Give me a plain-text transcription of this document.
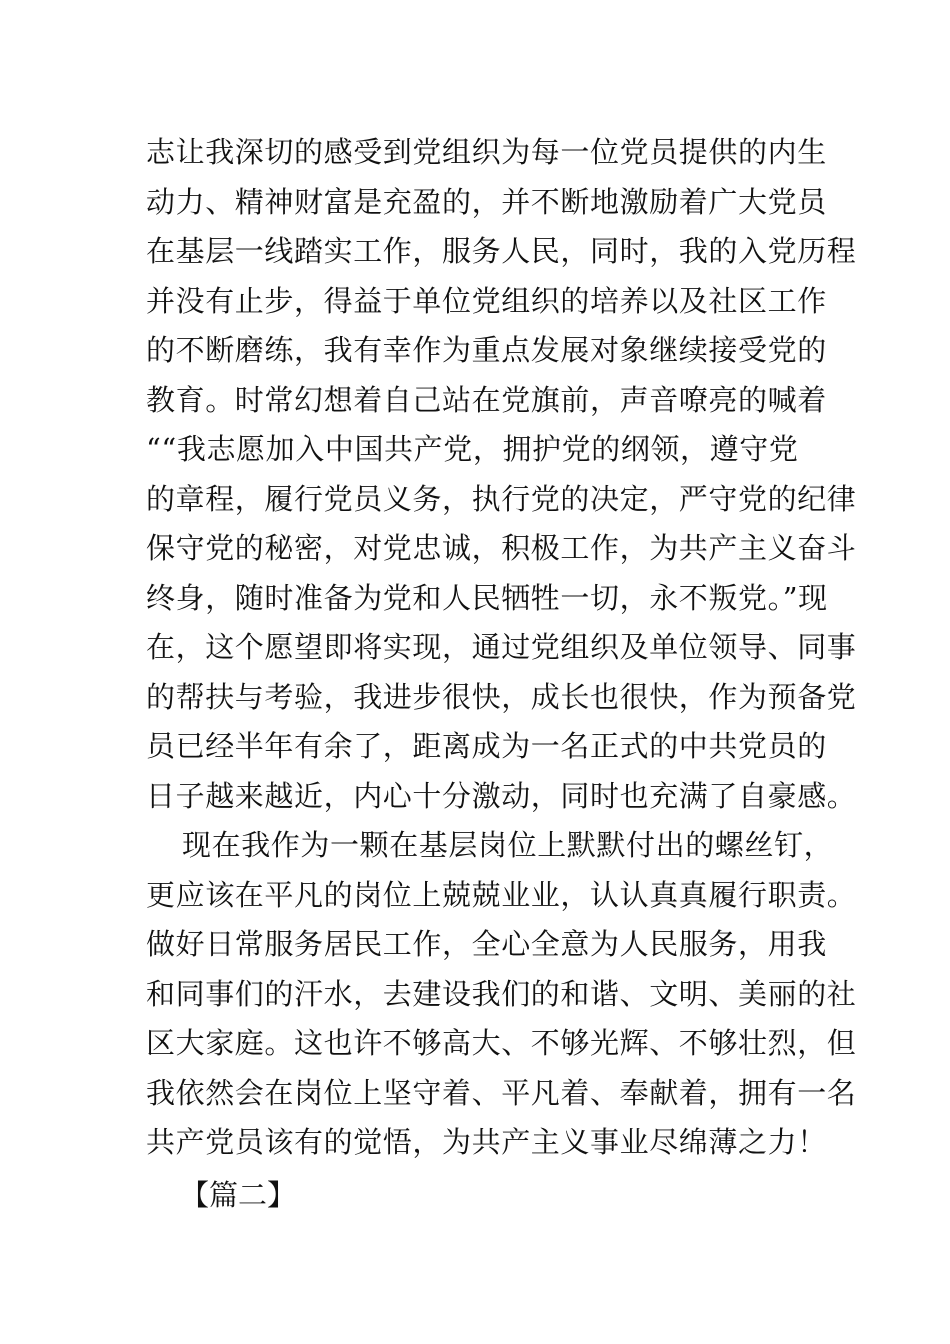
志让我深切的感受到党组织为每一位党员提供的内生
动力、精神财富是充盈的，并不断地激励着广大党员
在基层一线踏实工作，服务人民，同时，我的入党历程
并没有止步，得益于单位党组织的培养以及社区工作
的不断磨练，我有幸作为重点发展对象继续接受党的
教育。时常幻想着自己站在党旗前，声音嘹亮的喊着
““我志愿加入中国共产党，拥护党的纲领，遵守党
的章程，履行党员义务，执行党的决定，严守党的纪律
保守党的秘密，对党忠诚，积极工作，为共产主义奋斗
终身，随时准备为党和人民牺牲一切，永不叛党。”现
在，这个愿望即将实现，通过党组织及单位领导、同事
的帮扶与考验，我进步很快，成长也很快，作为预备党
员已经半年有余了，距离成为一名正式的中共党员的
日子越来越近，内心十分激动，同时也充满了自豪感。
现在我作为一颗在基层岗位上默默付出的螺丝钉，
更应该在平凡的岗位上兢兢业业，认认真真履行职责。
做好日常服务居民工作，全心全意为人民服务，用我
和同事们的汗水，去建设我们的和谐、文明、美丽的社
区大家庭。这也许不够高大、不够光辉、不够壮烈，但
我依然会在岗位上坚守着、平凡着、奉献着，拥有一名
共产党员该有的觉悟，为共产主义事业尽绵薄之力！
【篇二】
